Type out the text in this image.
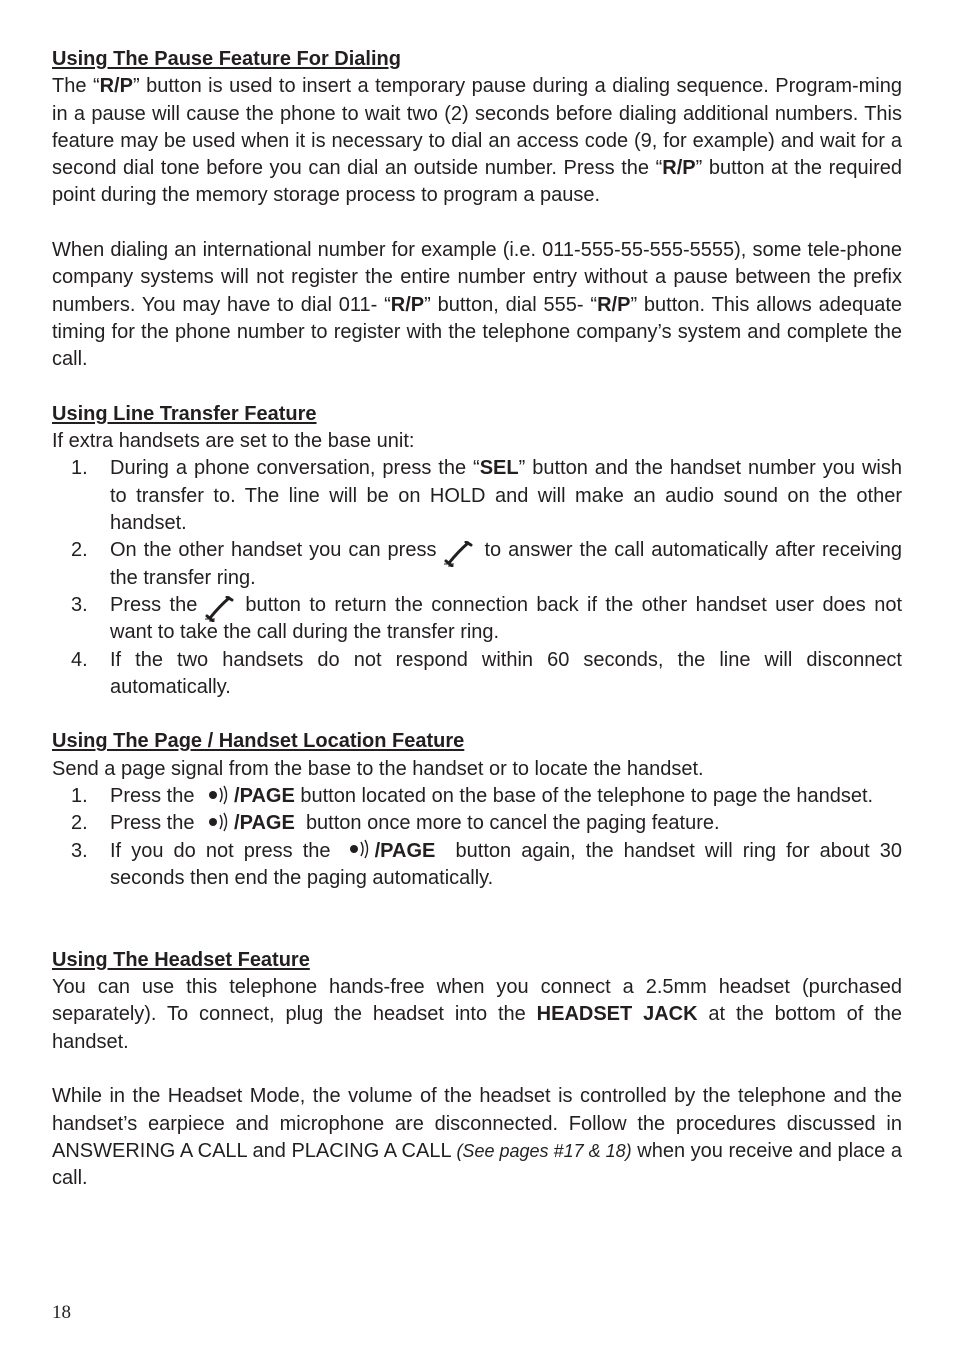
Using The Pause Feature For Dialing

The “R/P” button is used to insert a temporary pause during a dialing sequence. Program-ming in a pause will cause the phone to wait two (2) seconds before dialing additional numbers. This feature may be used when it is necessary to dial an access code (9, for example) and wait for a second dial tone before you can dial an outside number. Press the “R/P” button at the required point during the memory storage process to program a pause.

When dialing an international number for example (i.e. 011-555-55-555-5555), some tele-phone company systems will not register the entire number entry without a pause between the prefix numbers. You may have to dial 011- “R/P” button, dial 555- “R/P” button. This allows adequate timing for the phone number to register with the telephone company’s system and complete the call.

Using Line Transfer Feature

If extra handsets are set to the base unit:

1. During a phone conversation, press the “SEL” button and the handset number you wish to transfer to. The line will be on HOLD and will make an audio sound on the other handset.
2. On the other handset you can press to answer the call automatically after receiving the transfer ring.
3. Press the button to return the connection back if the other handset user does not want to take the call during the transfer ring.
4. If the two handsets do not respond within 60 seconds, the line will disconnect automatically.
Using The Page / Handset Location Feature

Send a page signal from the base to the handset or to locate the handset.

1. Press the /PAGE button located on the base of the telephone to page the handset.
2. Press the /PAGE button once more to cancel the paging feature.
3. If you do not press the /PAGE button again, the handset will ring for about 30 seconds then end the paging automatically.
Using The Headset Feature

You can use this telephone hands-free when you connect a 2.5mm headset (purchased separately). To connect, plug the headset into the HEADSET JACK at the bottom of the handset.

While in the Headset Mode, the volume of the headset is controlled by the telephone and the handset’s earpiece and microphone are disconnected. Follow the procedures discussed in ANSWERING A CALL and PLACING A CALL (See pages #17 & 18) when you receive and place a call.

18
